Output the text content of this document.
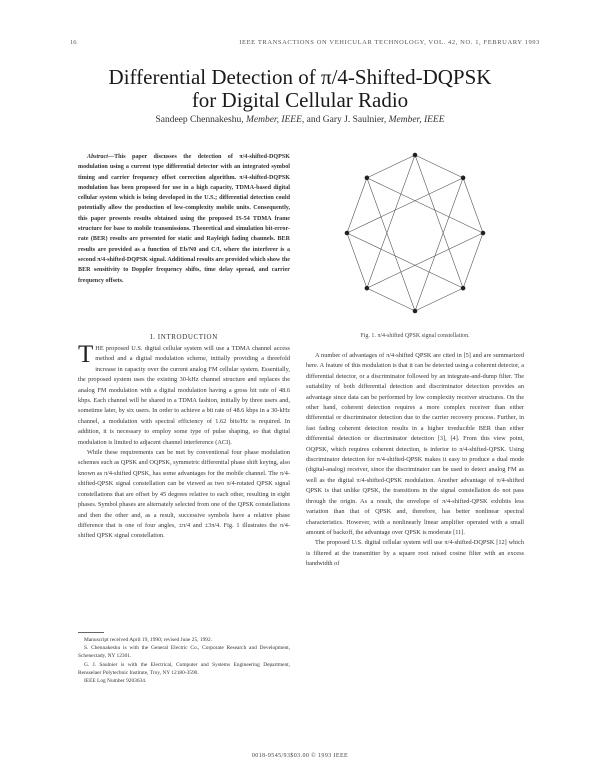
16	IEEE TRANSACTIONS ON VEHICULAR TECHNOLOGY, VOL. 42, NO. 1, FEBRUARY 1993
Differential Detection of π/4-Shifted-DQPSK
for Digital Cellular Radio
Sandeep Chennakeshu, Member, IEEE, and Gary J. Saulnier, Member, IEEE

Abstract—This paper discusses the detection of π/4-shifted-DQPSK modulation using a current type differential detector with an integrated symbol timing and carrier frequency offset correction algorithm. π/4-shifted-DQPSK modulation has been proposed for use in a high capacity, TDMA-based digital cellular system which is being developed in the U.S.; differential detection could potentially allow the production of low-complexity mobile units. Consequently, this paper presents results obtained using the proposed IS-54 TDMA frame structure for base to mobile transmissions. Theoretical and simulation bit-error-rate (BER) results are presented for static and Rayleigh fading channels. BER results are provided as a function of Eb/N0 and C/I, where the interferer is a second π/4-shifted-DQPSK signal. Additional results are provided which show the BER sensitivity to Doppler frequency shifts, time delay spread, and carrier frequency offsets.

I. INTRODUCTION

THE proposed U.S. digital cellular system will use a TDMA channel access method and a digital modulation scheme, initially providing a threefold increase in capacity over the current analog FM cellular system. Essentially, the proposed system uses the existing 30-kHz channel structure and replaces the analog FM modulation with a digital modulation having a gross bit rate of 48.6 kbps. Each channel will be shared in a TDMA fashion, initially by three users and, sometime later, by six users. In order to achieve a bit rate of 48.6 kbps in a 30-kHz channel, a modulation with spectral efficiency of 1.62 bits/Hz is required. In addition, it is necessary to employ some type of pulse shaping, so that digital modulation is limited to adjacent channel interference (ACI).

While these requirements can be met by conventional four phase modulation schemes such as QPSK and OQPSK, symmetric differential phase shift keying, also known as π/4-shifted QPSK, has some advantages for the mobile channel. The π/4-shifted-QPSK signal constellation can be viewed as two π/4-rotated QPSK signal constellations that are offset by 45 degrees relative to each other, resulting in eight phases. Symbol phases are alternately selected from one of the QPSK constellations and then the other and, as a result, successive symbols have a relative phase difference that is one of four angles, ±π/4 and ±3π/4. Fig. 1 illustrates the π/4-shifted QPSK signal constellation.

Manuscript received April 19, 1990; revised June 25, 1992.

S. Chennakeshu is with the General Electric Co., Corporate Research and Development, Schenectady, NY 12301.

G. J. Saulnier is with the Electrical, Computer and Systems Engineering Department, Rensselaer Polytechnic Institute, Troy, NY 12180-3590.

IEEE Log Number 9203634.

Fig. 1. π/4-shifted QPSK signal constellation.

A number of advantages of π/4-shifted QPSK are cited in [5] and are summarized here. A feature of this modulation is that it can be detected using a coherent detector, a differential detector, or a discriminator followed by an integrate-and-dump filter. The suitability of both differential detection and discriminator detection provides an advantage since data can be performed by low complexity receiver structures. On the other hand, coherent detection requires a more complex receiver than either differential or discriminator detection due to the carrier recovery process. Further, in fast fading coherent detection results in a higher irreducible BER than either differential detection or discriminator detection [3], [4]. From this view point, OQPSK, which requires coherent detection, is inferior to π/4-shifted-QPSK. Using discriminator detection for π/4-shifted-QPSK makes it easy to produce a dual mode (digital-analog) receiver, since the discriminator can be used to detect analog FM as well as the digital π/4-shifted-QPSK modulation. Another advantage of π/4-shifted QPSK is that unlike QPSK, the transitions in the signal constellation do not pass through the origin. As a result, the envelope of π/4-shifted-QPSK exhibits less variation than that of QPSK and, therefore, has better nonlinear spectral characteristics. However, with a nonlinearly linear amplifier operated with a small amount of backoff, the advantage over QPSK is moderate [11].

The proposed U.S. digital cellular system will use π/4-shifted-DQPSK [12] which is filtered at the transmitter by a square root raised cosine filter with an excess bandwidth of

0018-9545/93$03.00 © 1993 IEEE
